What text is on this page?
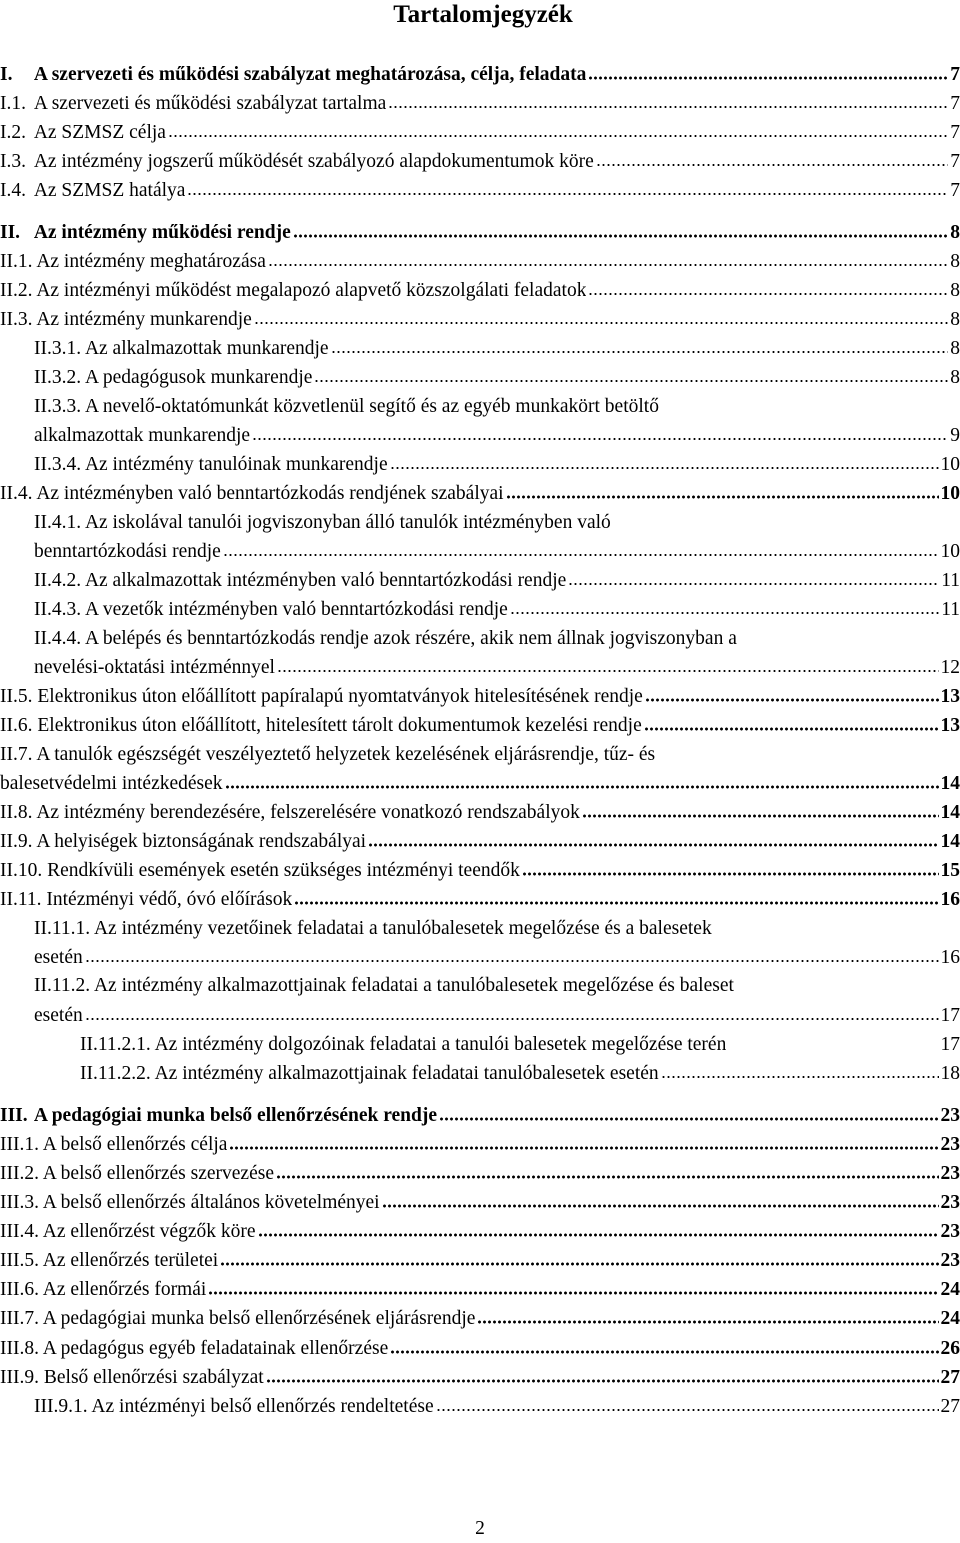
Tartalomjegyzék
I. A szervezeti és működési szabályzat meghatározása, célja, feladata	7
I.1. A szervezeti és működési szabályzat tartalma	7
I.2. Az SZMSZ célja	7
I.3. Az intézmény jogszerű működését szabályozó alapdokumentumok köre	7
I.4. Az SZMSZ hatálya	7
II. Az intézmény működési rendje	8
II.1. Az intézmény meghatározása	8
II.2. Az intézményi működést megalapozó alapvető közszolgálati feladatok	8
II.3. Az intézmény munkarendje	8
II.3.1. Az alkalmazottak munkarendje	8
II.3.2. A pedagógusok munkarendje	8
II.3.3. A nevelő-oktatómunkát közvetlenül segítő és az egyéb munkakört betöltő
alkalmazottak munkarendje	9
II.3.4. Az intézmény tanulóinak munkarendje	10
II.4. Az intézményben való benntartózkodás rendjének szabályai	10
II.4.1. Az iskolával tanulói jogviszonyban álló tanulók intézményben való
benntartózkodási rendje	10
II.4.2. Az alkalmazottak intézményben való benntartózkodási rendje	11
II.4.3. A vezetők intézményben való benntartózkodási rendje	11
II.4.4. A belépés és benntartózkodás rendje azok részére, akik nem állnak jogviszonyban a
nevelési-oktatási intézménnyel	12
II.5. Elektronikus úton előállított papíralapú nyomtatványok hitelesítésének rendje	13
II.6. Elektronikus úton előállított, hitelesített tárolt dokumentumok kezelési rendje	13
II.7. A tanulók egészségét veszélyeztető helyzetek kezelésének eljárásrendje, tűz- és
balesetvédelmi intézkedések	14
II.8. Az intézmény berendezésére, felszerelésére vonatkozó rendszabályok	14
II.9. A helyiségek biztonságának rendszabályai	14
II.10. Rendkívüli események esetén szükséges intézményi teendők	15
II.11. Intézményi védő, óvó előírások	16
II.11.1. Az intézmény vezetőinek feladatai a tanulóbalesetek megelőzése és a balesetek
esetén	16
II.11.2. Az intézmény alkalmazottjainak feladatai a tanulóbalesetek megelőzése és baleset
esetén	17
II.11.2.1. Az intézmény dolgozóinak feladatai a tanulói balesetek megelőzése terén	17
II.11.2.2. Az intézmény alkalmazottjainak feladatai tanulóbalesetek esetén	18
III. A pedagógiai munka belső ellenőrzésének rendje	23
III.1. A belső ellenőrzés célja	23
III.2. A belső ellenőrzés szervezése	23
III.3. A belső ellenőrzés általános követelményei	23
III.4. Az ellenőrzést végzők köre	23
III.5. Az ellenőrzés területei	23
III.6. Az ellenőrzés formái	24
III.7. A pedagógiai munka belső ellenőrzésének eljárásrendje	24
III.8. A pedagógus egyéb feladatainak ellenőrzése	26
III.9. Belső ellenőrzési szabályzat	27
III.9.1. Az intézményi belső ellenőrzés rendeltetése	27
2
